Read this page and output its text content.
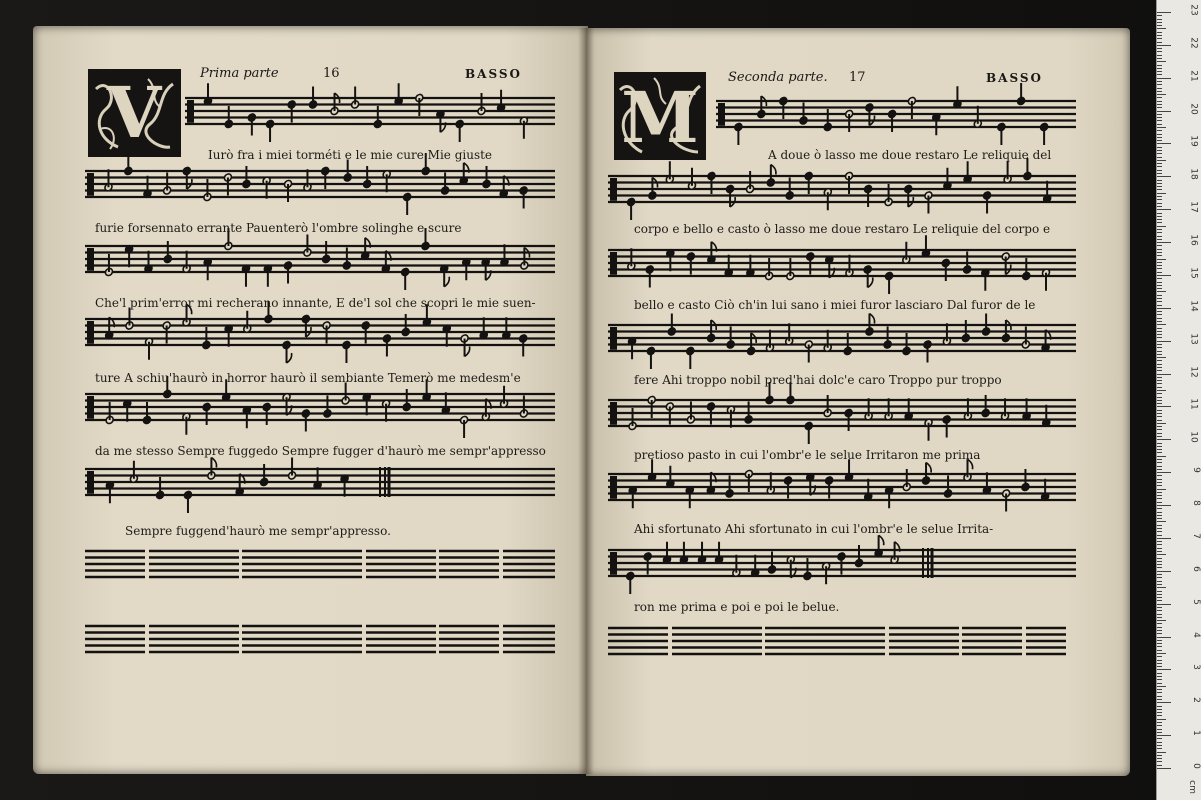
V	Prima parte	16	BASSO
Iurò fra i miei torméti e le mie cure Mie giuste
furie forsennato errante Pauenterò l'ombre solinghe e scure
Che'l prim'error mi recherano innante, E de'l sol che scopri le mie suen-
ture A schiu'haurò in horror haurò il sembiante Temerò me medesm'e
da me stesso Sempre fuggedo Sempre fugger d'haurò me sempr'appresso
Sempre fuggend'haurò me sempr'appresso.
M Seconda parte. 17	BASSO
A doue ò lasso me doue restaro Le reliquie del
corpo e bello e casto ò lasso me doue restaro Le reliquie del corpo e
bello e casto Ciò ch'in lui sano i miei furor lasciaro Dal furor de le
fere Ahi troppo nobil pred'hai dolc'e caro Troppo pur troppo
pretioso pasto in cui l'ombr'e le selue Irritaron me prima
Ahi sfortunato Ahi sfortunato in cui l'ombr'e le selue Irrita-
ron me prima e poi e poi le belue.
23
22
21
20
19
18
17
16
15
14
13
12
11
10
9
8
7
6
5
4
3
2
1
0
cm
